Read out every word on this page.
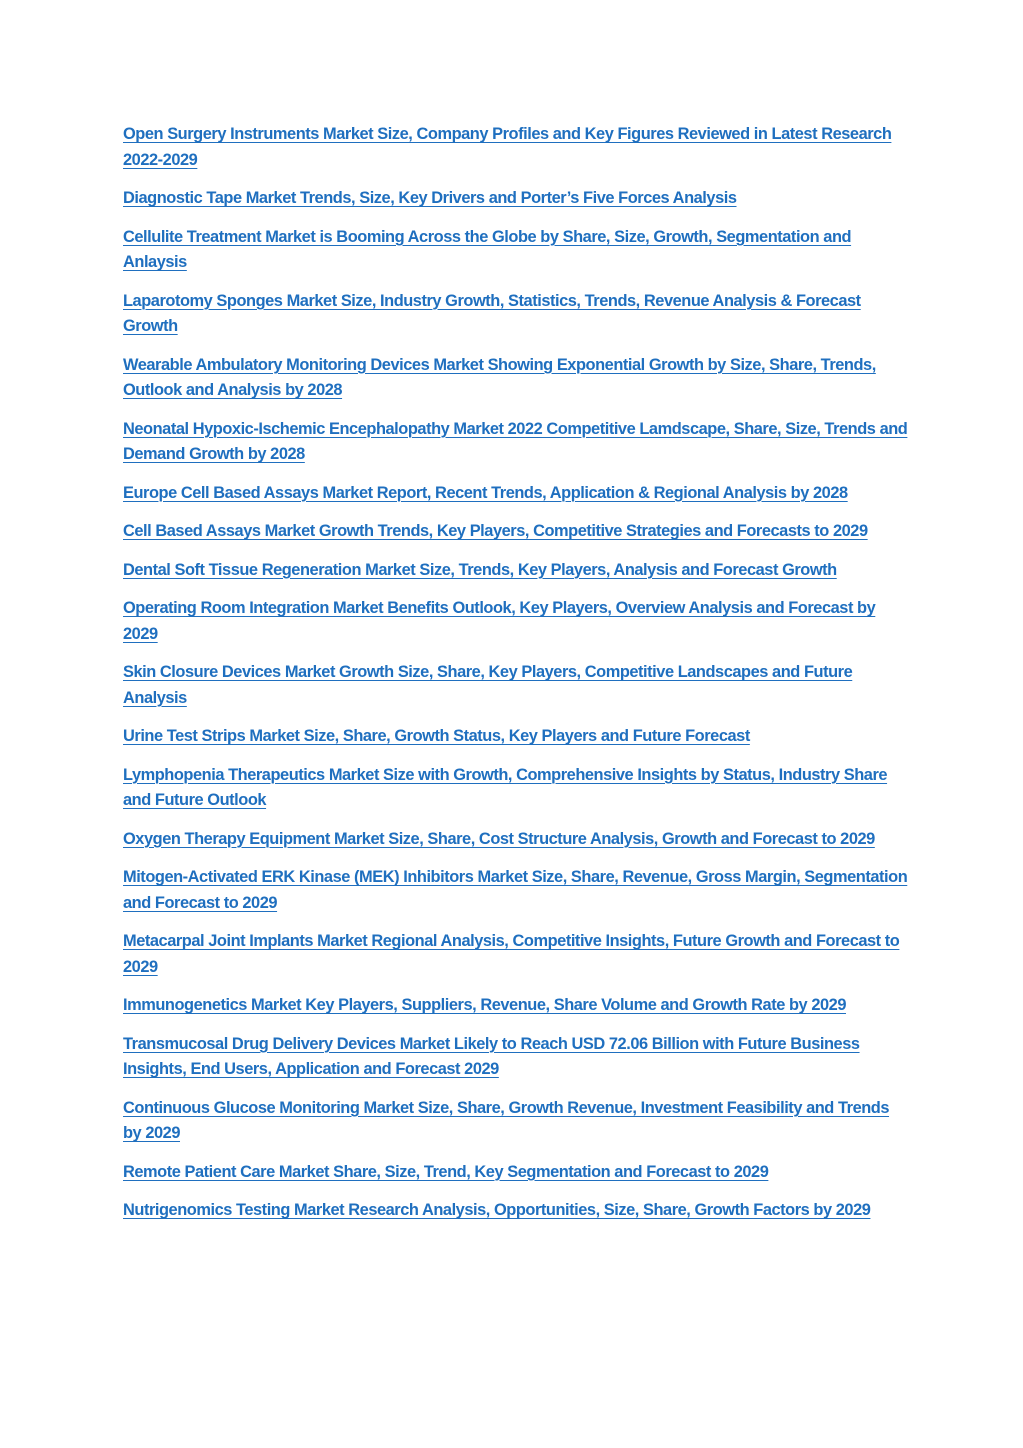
Open Surgery Instruments Market Size, Company Profiles and Key Figures Reviewed in Latest Research 2022-2029
Diagnostic Tape Market Trends, Size, Key Drivers and Porter’s Five Forces Analysis
Cellulite Treatment Market is Booming Across the Globe by Share, Size, Growth, Segmentation and Anlaysis
Laparotomy Sponges Market Size, Industry Growth, Statistics, Trends, Revenue Analysis & Forecast Growth
Wearable Ambulatory Monitoring Devices Market Showing Exponential Growth by Size, Share, Trends, Outlook and Analysis by 2028
Neonatal Hypoxic-Ischemic Encephalopathy Market 2022 Competitive Lamdscape, Share, Size, Trends and Demand Growth by 2028
Europe Cell Based Assays Market Report, Recent Trends, Application & Regional Analysis by 2028
Cell Based Assays Market Growth Trends, Key Players, Competitive Strategies and Forecasts to 2029
Dental Soft Tissue Regeneration Market Size, Trends, Key Players, Analysis and Forecast Growth
Operating Room Integration Market Benefits Outlook, Key Players, Overview Analysis and Forecast by 2029
Skin Closure Devices Market Growth Size, Share, Key Players, Competitive Landscapes and Future Analysis
Urine Test Strips Market Size, Share, Growth Status, Key Players and Future Forecast
Lymphopenia Therapeutics Market Size with Growth, Comprehensive Insights by Status, Industry Share and Future Outlook
Oxygen Therapy Equipment Market Size, Share, Cost Structure Analysis, Growth and Forecast to 2029
Mitogen-Activated ERK Kinase (MEK) Inhibitors Market Size, Share, Revenue, Gross Margin, Segmentation and Forecast to 2029
Metacarpal Joint Implants Market Regional Analysis, Competitive Insights, Future Growth and Forecast to 2029
Immunogenetics Market Key Players, Suppliers, Revenue, Share Volume and Growth Rate by 2029
Transmucosal Drug Delivery Devices Market Likely to Reach USD 72.06 Billion with Future Business Insights, End Users, Application and Forecast 2029
Continuous Glucose Monitoring Market Size, Share, Growth Revenue, Investment Feasibility and Trends by 2029
Remote Patient Care Market Share, Size, Trend, Key Segmentation and Forecast to 2029
Nutrigenomics Testing Market Research Analysis, Opportunities, Size, Share, Growth Factors by 2029
